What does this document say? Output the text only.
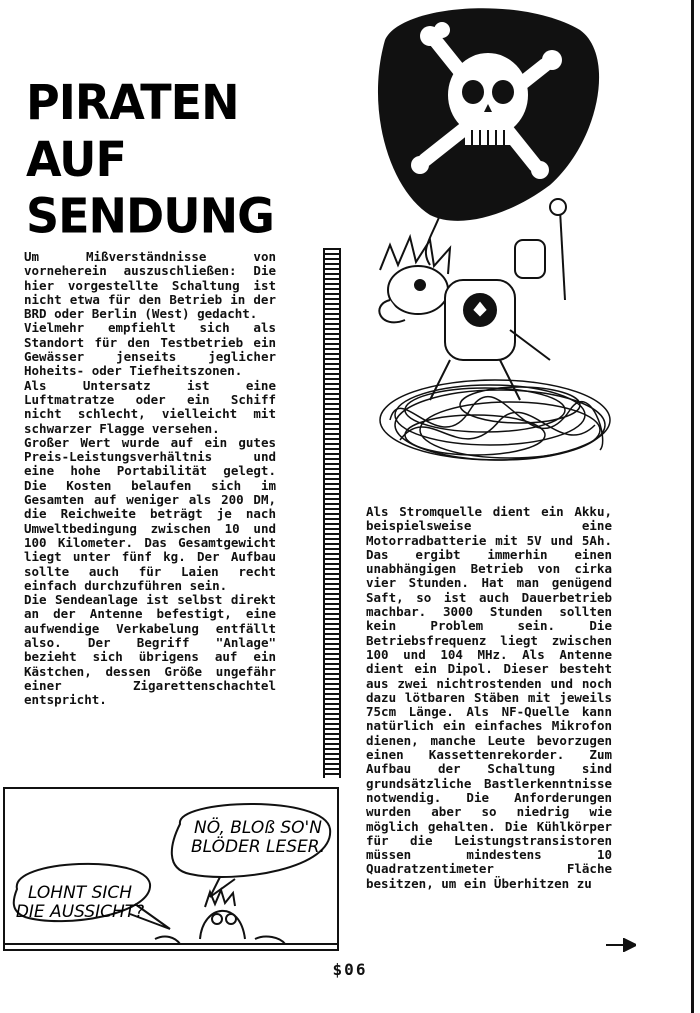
PIRATEN
AUF
SENDUNG

Um Mißverständnisse von vorneherein auszuschließen: Die hier vorgestellte Schaltung ist nicht etwa für den Betrieb in der BRD oder Berlin (West) gedacht.

Vielmehr empfiehlt sich als Standort für den Testbetrieb ein Gewässer jenseits jeglicher Hoheits- oder Tiefheitszonen.

Als Untersatz ist eine Luftmatratze oder ein Schiff nicht schlecht, vielleicht mit schwarzer Flagge versehen.

Großer Wert wurde auf ein gutes Preis-Leistungsverhältnis und eine hohe Portabilität gelegt. Die Kosten belaufen sich im Gesamten auf weniger als 200 DM, die Reichweite beträgt je nach Umweltbedingung zwischen 10 und 100 Kilometer. Das Gesamtgewicht liegt unter fünf kg. Der Aufbau sollte auch für Laien recht einfach durchzuführen sein.

Die Sendeanlage ist selbst direkt an der Antenne befestigt, eine aufwendige Verkabelung entfällt also. Der Begriff "Anlage" bezieht sich übrigens auf ein Kästchen, dessen Größe ungefähr einer Zigarettenschachtel entspricht.

Als Stromquelle dient ein Akku, beispielsweise eine Motorradbatterie mit 5V und 5Ah. Das ergibt immerhin einen unabhängigen Betrieb von cirka vier Stunden. Hat man genügend Saft, so ist auch Dauerbetrieb machbar. 3000 Stunden sollten kein Problem sein. Die Betriebsfrequenz liegt zwischen 100 und 104 MHz. Als Antenne dient ein Dipol. Dieser besteht aus zwei nichtrostenden und noch dazu lötbaren Stäben mit jeweils 75cm Länge. Als NF-Quelle kann natürlich ein einfaches Mikrofon dienen, manche Leute bevorzugen einen Kassettenrekorder. Zum Aufbau der Schaltung sind grundsätzliche Bastlerkenntnisse notwendig. Die Anforderungen wurden aber so niedrig wie möglich gehalten. Die Kühlkörper für die Leistungstransistoren müssen mindestens 10 Quadratzentimeter Fläche besitzen, um ein Überhitzen zu

NÖ, BLOß SO'N BLÖDER LESER.
LOHNT SICH DIE AUSSICHT?
$06
